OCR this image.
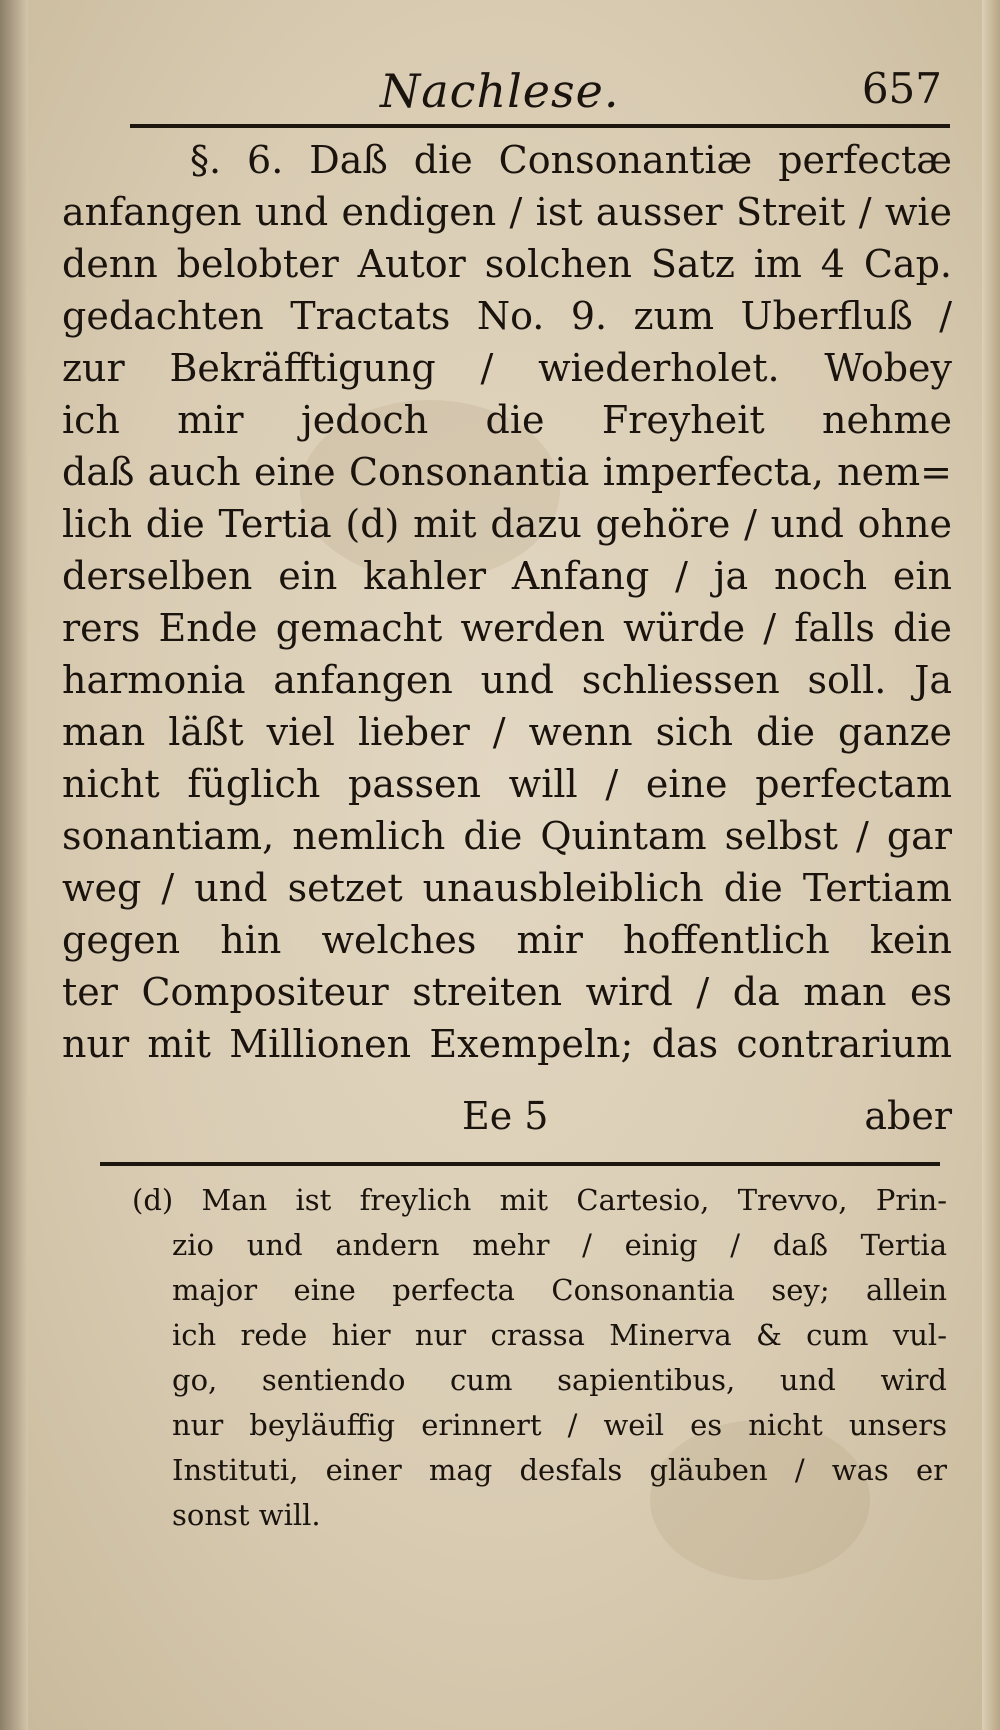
Nachlese.	657
§. 6. Daß die Consonantiæ perfectæ
anfangen und endigen / ist ausser Streit / wie
denn belobter Autor solchen Satz im 4 Cap.
gedachten Tractats No. 9. zum Uberfluß /
zur Bekräfftigung / wiederholet. Wobey
ich mir jedoch die Freyheit nehme
daß auch eine Consonantia imperfecta, nem=
lich die Tertia (d) mit dazu gehöre / und ohne
derselben ein kahler Anfang / ja noch ein
rers Ende gemacht werden würde / falls die
harmonia anfangen und schliessen soll. Ja
man läßt viel lieber / wenn sich die ganze
nicht füglich passen will / eine perfectam
sonantiam, nemlich die Quintam selbst / gar
weg / und setzet unausbleiblich die Tertiam
gegen hin welches mir hoffentlich kein
ter Compositeur streiten wird / da man es
nur mit Millionen Exempeln; das contrarium
Ee 5	aber
(d) Man ist freylich mit Cartesio, Trevvo, Prin-
zio und andern mehr / einig / daß Tertia
major eine perfecta Consonantia sey; allein
ich rede hier nur crassa Minerva & cum vul-
go, sentiendo cum sapientibus, und wird
nur beyläuffig erinnert / weil es nicht unsers
Instituti, einer mag desfals gläuben / was er
sonst will.
